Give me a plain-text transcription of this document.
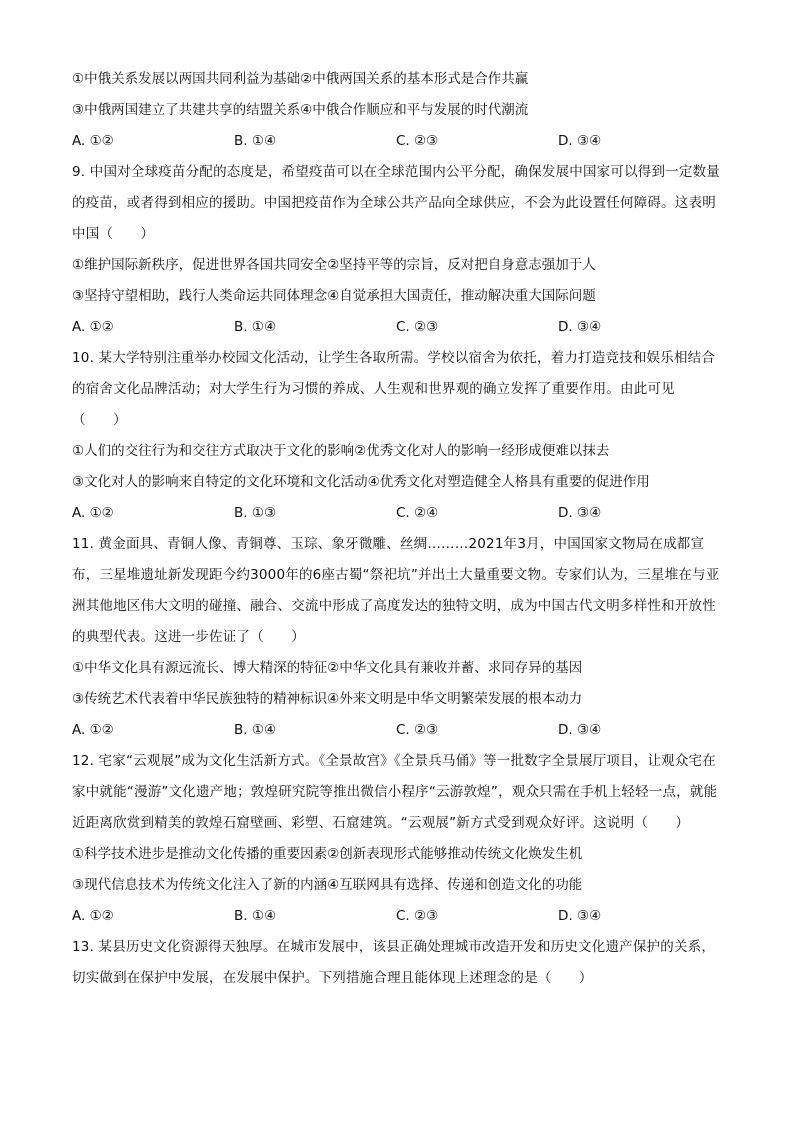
①中俄关系发展以两国共同利益为基础②中俄两国关系的基本形式是合作共赢
③中俄两国建立了共建共享的结盟关系④中俄合作顺应和平与发展的时代潮流
A. ①②	B. ①④	C. ②③	D. ③④
9. 中国对全球疫苗分配的态度是，希望疫苗可以在全球范围内公平分配，确保发展中国家可以得到一定数量的疫苗，或者得到相应的援助。中国把疫苗作为全球公共产品向全球供应，不会为此设置任何障碍。这表明中国（　　）
①维护国际新秩序，促进世界各国共同安全②坚持平等的宗旨，反对把自身意志强加于人
③坚持守望相助，践行人类命运共同体理念④自觉承担大国责任，推动解决重大国际问题
A. ①②	B. ①④	C. ②③	D. ③④
10. 某大学特别注重举办校园文化活动，让学生各取所需。学校以宿舍为依托，着力打造竞技和娱乐相结合的宿舍文化品牌活动；对大学生行为习惯的养成、人生观和世界观的确立发挥了重要作用。由此可见（　　）
①人们的交往行为和交往方式取决于文化的影响②优秀文化对人的影响一经形成便难以抹去
③文化对人的影响来自特定的文化环境和文化活动④优秀文化对塑造健全人格具有重要的促进作用
A. ①②	B. ①③	C. ②④	D. ③④
11. 黄金面具、青铜人像、青铜尊、玉琮、象牙微雕、丝绸………2021年3月，中国国家文物局在成都宣布，三星堆遗址新发现距今约3000年的6座古蜀“祭祀坑”并出土大量重要文物。专家们认为，三星堆在与亚洲其他地区伟大文明的碰撞、融合、交流中形成了高度发达的独特文明，成为中国古代文明多样性和开放性的典型代表。这进一步佐证了（　　）
①中华文化具有源远流长、博大精深的特征②中华文化具有兼收并蓄、求同存异的基因
③传统艺术代表着中华民族独特的精神标识④外来文明是中华文明繁荣发展的根本动力
A. ①②	B. ①④	C. ②③	D. ③④
12. 宅家“云观展”成为文化生活新方式。《全景故宫》《全景兵马俑》等一批数字全景展厅项目，让观众宅在家中就能“漫游”文化遗产地；敦煌研究院等推出微信小程序“云游敦煌”，观众只需在手机上轻轻一点，就能近距离欣赏到精美的敦煌石窟壁画、彩塑、石窟建筑。“云观展”新方式受到观众好评。这说明（　　）
①科学技术进步是推动文化传播的重要因素②创新表现形式能够推动传统文化焕发生机
③现代信息技术为传统文化注入了新的内涵④互联网具有选择、传递和创造文化的功能
A. ①②	B. ①④	C. ②③	D. ③④
13. 某县历史文化资源得天独厚。在城市发展中，该县正确处理城市改造开发和历史文化遗产保护的关系，切实做到在保护中发展，在发展中保护。下列措施合理且能体现上述理念的是（　　）
